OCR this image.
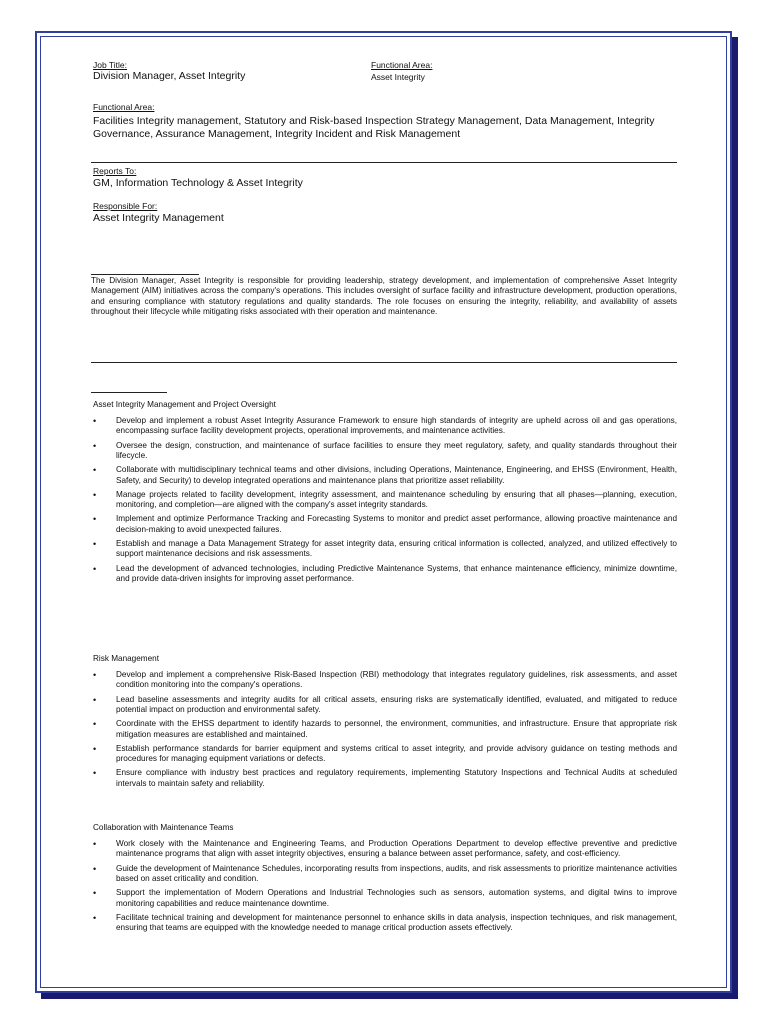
Job Title:
Division Manager, Asset Integrity
Functional Area:
Asset Integrity
Functional Area:
Facilities Integrity management, Statutory and Risk-based Inspection Strategy Management, Data Management, Integrity Governance, Assurance Management, Integrity Incident and Risk Management
Reports To:
GM, Information Technology & Asset Integrity
Responsible For:
Asset Integrity Management
The Division Manager, Asset Integrity is responsible for providing leadership, strategy development, and implementation of comprehensive Asset Integrity Management (AIM) initiatives across the company's operations. This includes oversight of surface facility and infrastructure development, production operations, and ensuring compliance with statutory regulations and quality standards. The role focuses on ensuring the integrity, reliability, and availability of assets throughout their lifecycle while mitigating risks associated with their operation and maintenance.
Asset Integrity Management and Project Oversight
• Develop and implement a robust Asset Integrity Assurance Framework to ensure high standards of integrity are upheld across oil and gas operations, encompassing surface facility development projects, operational improvements, and maintenance activities.
• Oversee the design, construction, and maintenance of surface facilities to ensure they meet regulatory, safety, and quality standards throughout their lifecycle.
• Collaborate with multidisciplinary technical teams and other divisions, including Operations, Maintenance, Engineering, and EHSS (Environment, Health, Safety, and Security) to develop integrated operations and maintenance plans that prioritize asset reliability.
• Manage projects related to facility development, integrity assessment, and maintenance scheduling by ensuring that all phases—planning, execution, monitoring, and completion—are aligned with the company's asset integrity standards.
• Implement and optimize Performance Tracking and Forecasting Systems to monitor and predict asset performance, allowing proactive maintenance and decision-making to avoid unexpected failures.
• Establish and manage a Data Management Strategy for asset integrity data, ensuring critical information is collected, analyzed, and utilized effectively to support maintenance decisions and risk assessments.
• Lead the development of advanced technologies, including Predictive Maintenance Systems, that enhance maintenance efficiency, minimize downtime, and provide data-driven insights for improving asset performance.
Risk Management
• Develop and implement a comprehensive Risk-Based Inspection (RBI) methodology that integrates regulatory guidelines, risk assessments, and asset condition monitoring into the company's operations.
• Lead baseline assessments and integrity audits for all critical assets, ensuring risks are systematically identified, evaluated, and mitigated to reduce potential impact on production and environmental safety.
• Coordinate with the EHSS department to identify hazards to personnel, the environment, communities, and infrastructure. Ensure that appropriate risk mitigation measures are established and maintained.
• Establish performance standards for barrier equipment and systems critical to asset integrity, and provide advisory guidance on testing methods and procedures for managing equipment variations or defects.
• Ensure compliance with industry best practices and regulatory requirements, implementing Statutory Inspections and Technical Audits at scheduled intervals to maintain safety and reliability.
Collaboration with Maintenance Teams
• Work closely with the Maintenance and Engineering Teams, and Production Operations Department to develop effective preventive and predictive maintenance programs that align with asset integrity objectives, ensuring a balance between asset performance, safety, and cost-efficiency.
• Guide the development of Maintenance Schedules, incorporating results from inspections, audits, and risk assessments to prioritize maintenance activities based on asset criticality and condition.
• Support the implementation of Modern Operations and Industrial Technologies such as sensors, automation systems, and digital twins to improve monitoring capabilities and reduce maintenance downtime.
• Facilitate technical training and development for maintenance personnel to enhance skills in data analysis, inspection techniques, and risk management, ensuring that teams are equipped with the knowledge needed to manage critical production assets effectively.
